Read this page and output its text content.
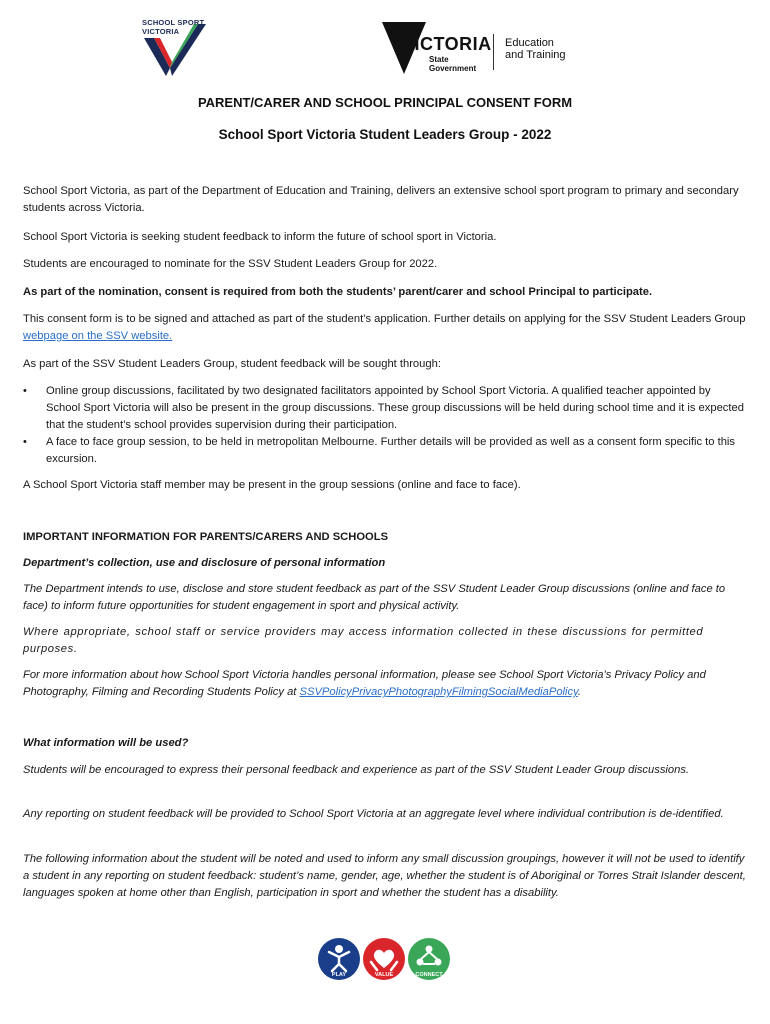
SCHOOL SPORT
VICTORIA
VICTORIA
State
Government
Education
and Training
PARENT/CARER AND SCHOOL PRINCIPAL CONSENT FORM
School Sport Victoria Student Leaders Group - 2022

School Sport Victoria, as part of the Department of Education and Training, delivers an extensive school sport program to primary and secondary students across Victoria.

School Sport Victoria is seeking student feedback to inform the future of school sport in Victoria.

Students are encouraged to nominate for the SSV Student Leaders Group for 2022.

As part of the nomination, consent is required from both the students’ parent/carer and school Principal to participate.

This consent form is to be signed and attached as part of the student’s application. Further details on applying for the SSV Student Leaders Group webpage on the SSV website.

As part of the SSV Student Leaders Group, student feedback will be sought through:

• Online group discussions, facilitated by two designated facilitators appointed by School Sport Victoria. A qualified teacher appointed by School Sport Victoria will also be present in the group discussions. These group discussions will be held during school time and it is expected that the student’s school provides supervision during their participation.

• A face to face group session, to be held in metropolitan Melbourne. Further details will be provided as well as a consent form specific to this excursion.

A School Sport Victoria staff member may be present in the group sessions (online and face to face).

IMPORTANT INFORMATION FOR PARENTS/CARERS AND SCHOOLS

Department’s collection, use and disclosure of personal information

The Department intends to use, disclose and store student feedback as part of the SSV Student Leader Group discussions (online and face to face) to inform future opportunities for student engagement in sport and physical activity.

Where appropriate, school staff or service providers may access information collected in these discussions for permitted purposes.

For more information about how School Sport Victoria handles personal information, please see School Sport Victoria’s Privacy Policy and Photography, Filming and Recording Students Policy at SSVPolicyPrivacyPhotographyFilmingSocialMediaPolicy.

What information will be used?

Students will be encouraged to express their personal feedback and experience as part of the SSV Student Leader Group discussions.

Any reporting on student feedback will be provided to School Sport Victoria at an aggregate level where individual contribution is de-identified.

The following information about the student will be noted and used to inform any small discussion groupings, however it will not be used to identify a student in any reporting on student feedback: student’s name, gender, age, whether the student is of Aboriginal or Torres Strait Islander descent, languages spoken at home other than English, participation in sport and whether the student has a disability.

PLAY	VALUE	CONNECT
